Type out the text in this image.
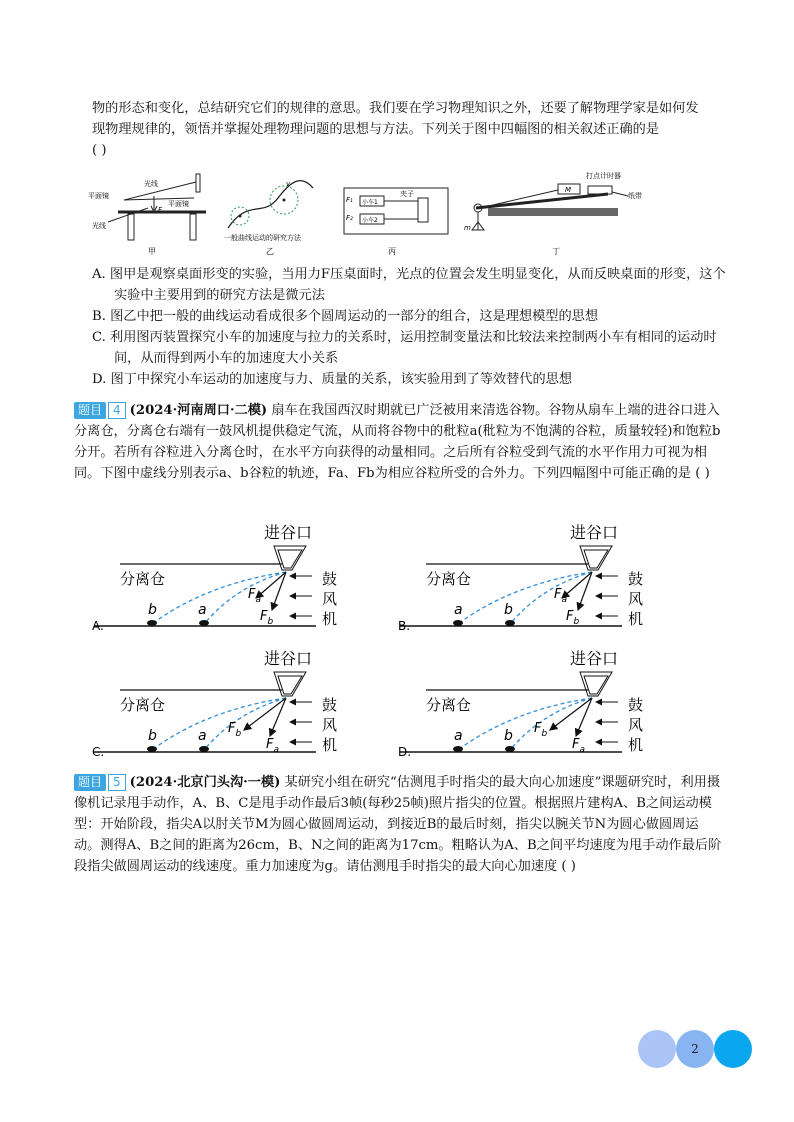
物的形态和变化，总结研究它们的规律的意思。我们要在学习物理知识之外，还要了解物理学家是如何发
现物理规律的，领悟并掌握处理物理问题的思想与方法。下列关于图中四幅图的相关叙述正确的是
( )
光线
平面镜
平面镜
光线
F
甲
v
一般曲线运动的研究方法
乙
F₁
F₂
小车1
小车2
夹子
丙
打点计时器
纸带
M
m
丁
A. 图甲是观察桌面形变的实验，当用力F压桌面时，光点的位置会发生明显变化，从而反映桌面的形变，这个实验中主要用到的研究方法是微元法
B. 图乙中把一般的曲线运动看成很多个圆周运动的一部分的组合，这是理想模型的思想
C. 利用图丙装置探究小车的加速度与拉力的关系时，运用控制变量法和比较法来控制两小车有相同的运动时间，从而得到两小车的加速度大小关系
D. 图丁中探究小车运动的加速度与力、质量的关系，该实验用到了等效替代的思想
题目 4 (2024·河南周口·二模) 扇车在我国西汉时期就已广泛被用来清选谷物。谷物从扇车上端的进谷口进入分离仓，分离仓右端有一鼓风机提供稳定气流，从而将谷物中的秕粒a(秕粒为不饱满的谷粒，质量较轻)和饱粒b分开。若所有谷粒进入分离仓时，在水平方向获得的动量相同。之后所有谷粒受到气流的水平作用力可视为相同。下图中虚线分别表示a、b谷粒的轨迹，Fa、Fb为相应谷粒所受的合外力。下列四幅图中可能正确的是 ( )
进谷口
分离仓
b	a
$F_a$
$F_b$
鼓
风
机
A.
进谷口
分离仓
a	b
$F_a$
$F_b$
鼓
风
机
B.
进谷口
分离仓
b	a $F_b$
$F_a$
鼓
风
机
C.
进谷口
分离仓
a	b $F_b$
$F_a$
鼓
风
机
D.
题目 5 (2024·北京门头沟·一模) 某研究小组在研究“估测甩手时指尖的最大向心加速度”课题研究时，利用摄像机记录甩手动作，A、B、C是甩手动作最后3帧(每秒25帧)照片指尖的位置。根据照片建构A、B之间运动模型：开始阶段，指尖A以肘关节M为圆心做圆周运动，到接近B的最后时刻，指尖以腕关节N为圆心做圆周运动。测得A、B之间的距离为26cm，B、N之间的距离为17cm。粗略认为A、B之间平均速度为甩手动作最后阶段指尖做圆周运动的线速度。重力加速度为g。请估测甩手时指尖的最大向心加速度 ( )
2
